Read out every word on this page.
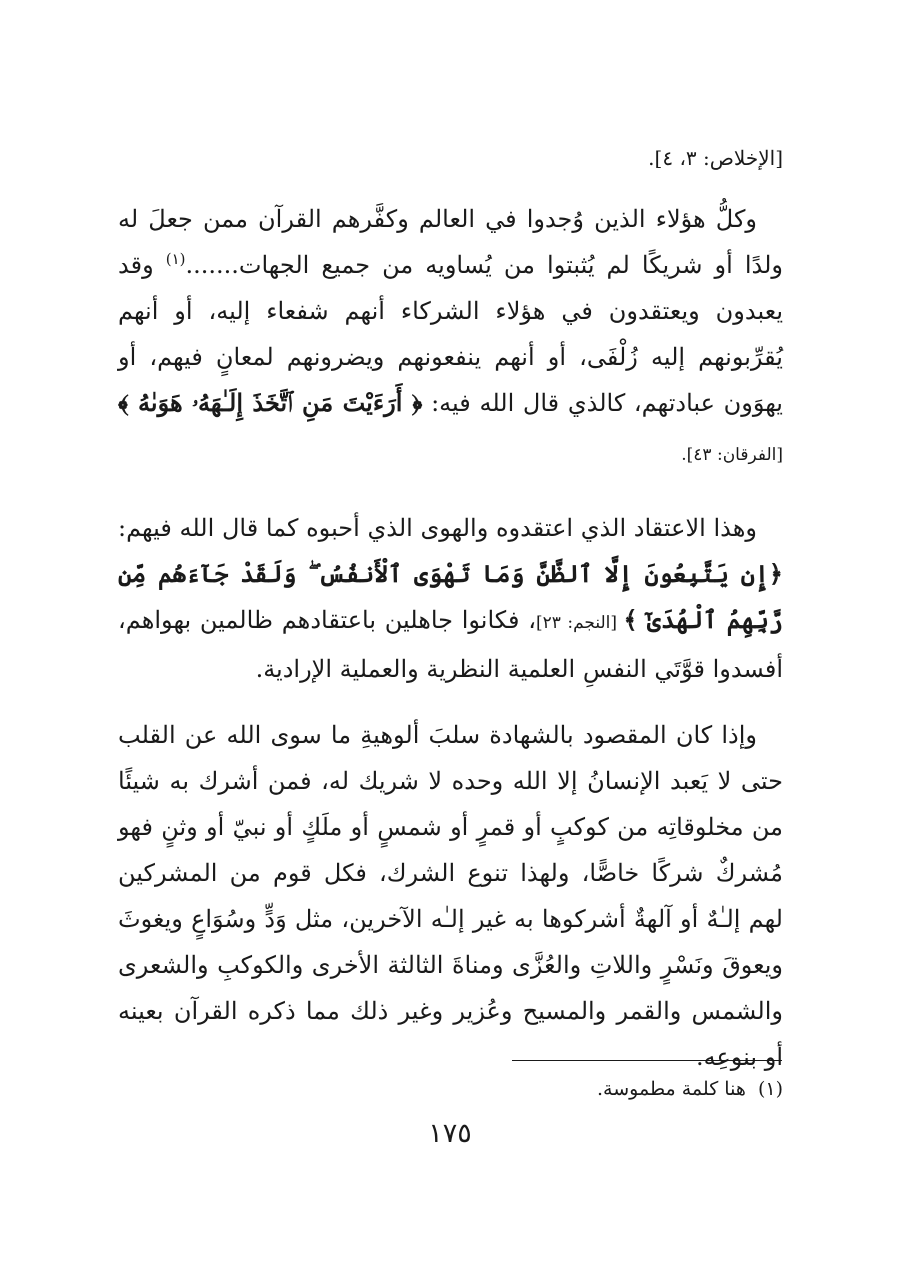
[الإخلاص: ٣، ٤].
وكلُّ هؤلاء الذين وُجدوا في العالم وكفَّرهم القرآن ممن جعلَ له ولدًا أو شريكًا لم يُثبتوا من يُساويه من جميع الجهات.......$^{(١)}$ وقد يعبدون ويعتقدون في هؤلاء الشركاء أنهم شفعاء إليه، أو أنهم يُقرِّبونهم إليه زُلْفَى، أو أنهم ينفعونهم ويضرونهم لمعانٍ فيهم، أو يهوَون عبادتهم، كالذي قال الله فيه: ﴿ أَرَءَيْتَ مَنِ ٱتَّخَذَ إِلَـٰهَهُۥ هَوَىٰهُ ﴾ [الفرقان: ٤٣].
وهذا الاعتقاد الذي اعتقدوه والهوى الذي أحبوه كما قال الله فيهم: ﴿إِن يَتَّبِعُونَ إِلَّا ٱلظَّنَّ وَمَا تَهْوَى ٱلْأَنفُسُ ۖ وَلَقَدْ جَآءَهُم مِّن رَّبِّهِمُ ٱلْهُدَىٰٓ ﴾ [النجم: ٢٣]، فكانوا جاهلين باعتقادهم ظالمين بهواهم، أفسدوا قوَّتَي النفسِ العلمية النظرية والعملية الإرادية.
وإذا كان المقصود بالشهادة سلبَ ألوهيةِ ما سوى الله عن القلب حتى لا يَعبد الإنسانُ إلا الله وحده لا شريك له، فمن أشرك به شيئًا من مخلوقاتِه من كوكبٍ أو قمرٍ أو شمسٍ أو ملَكٍ أو نبيّ أو وثنٍ فهو مُشركٌ شركًا خاصًّا، ولهذا تنوع الشرك، فكل قوم من المشركين لهم إلـٰهٌ أو آلهةٌ أشركوها به غير إلـٰه الآخرين، مثل وَدٍّ وسُوَاعٍ ويغوثَ ويعوقَ ونَسْرٍ واللاتِ والعُزَّى ومناةَ الثالثة الأخرى والكوكبِ والشعرى والشمس والقمر والمسيح وعُزير وغير ذلك مما ذكره القرآن بعينه أو بنوعِه.
(١)  هنا كلمة مطموسة.
١٧٥
